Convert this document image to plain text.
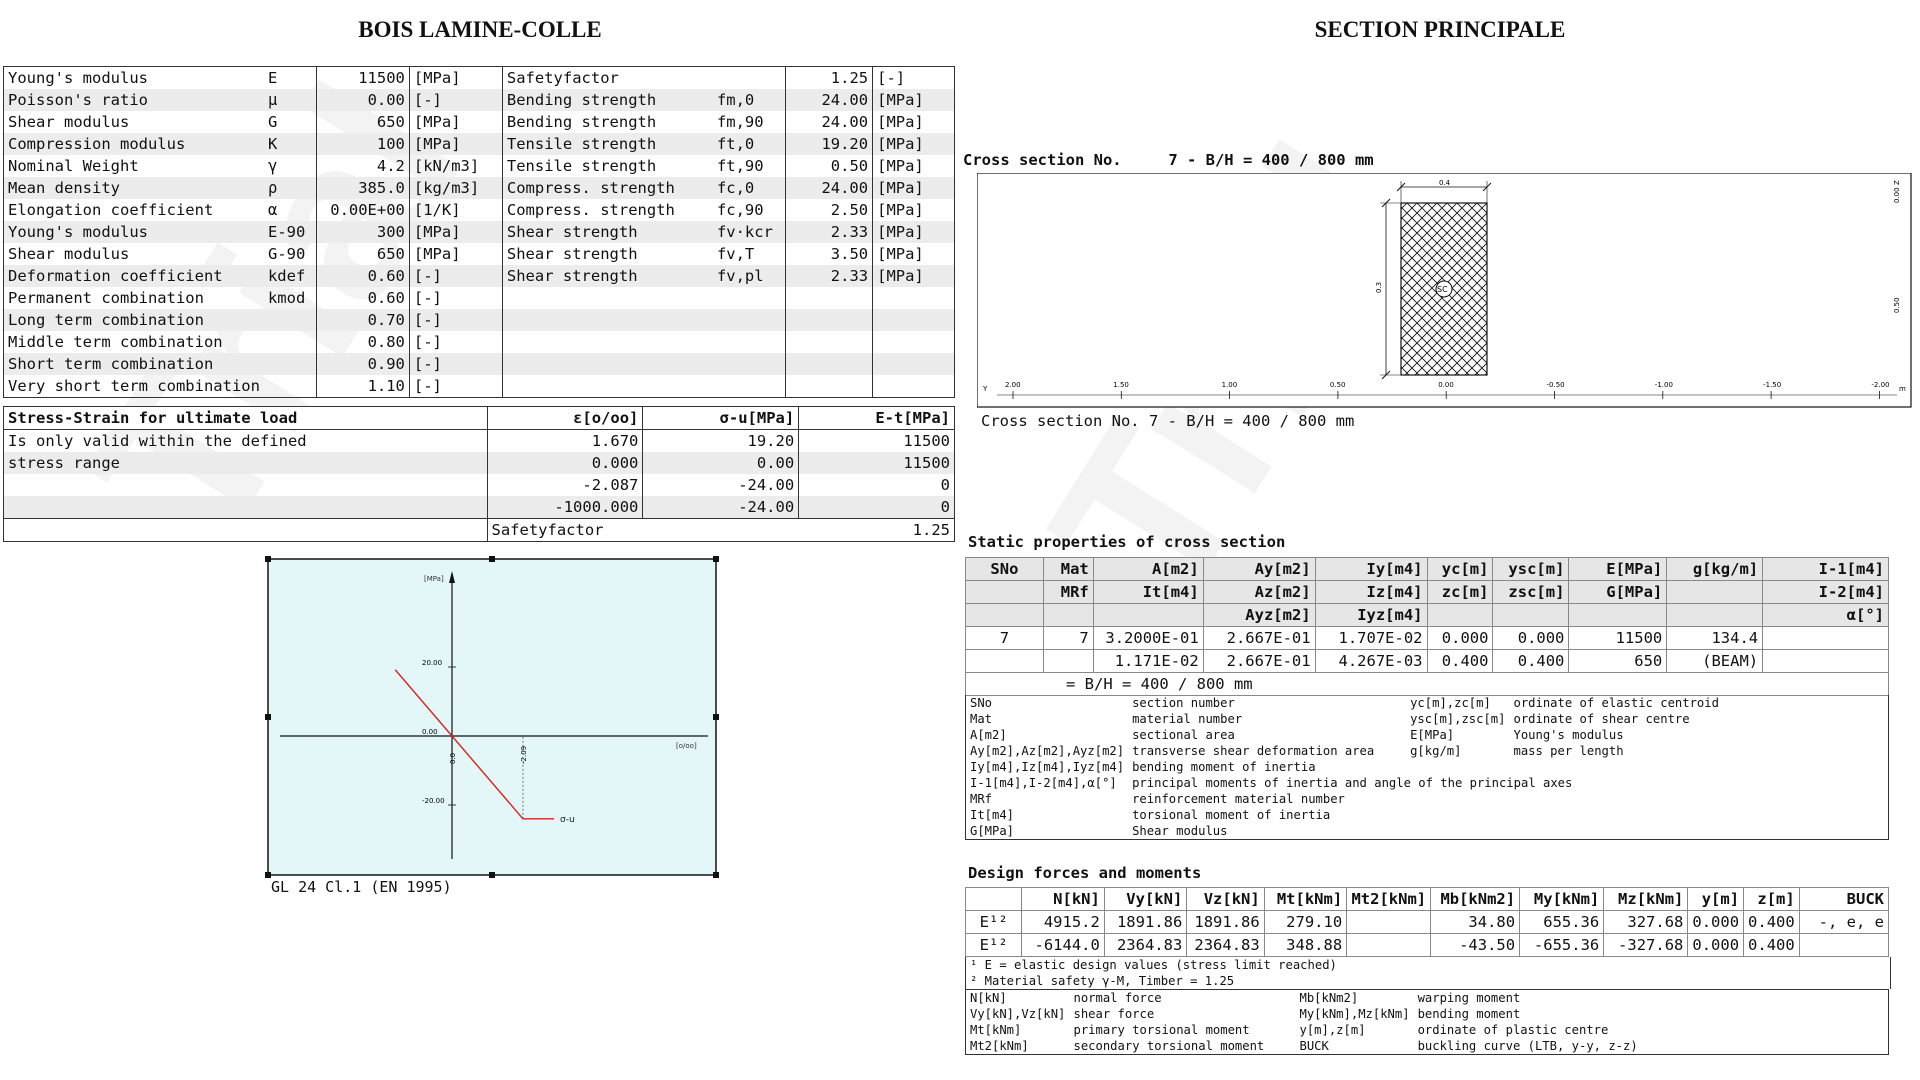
BOIS LAMINE-COLLE	SECTION PRINCIPALE
Young's modulus	E	11500	[MPa]	Safetyfactor		1.25	[-]
Poisson's ratio	μ	0.00	[-]	Bending strength	fm,0	24.00	[MPa]
Shear modulus	G	650	[MPa]	Bending strength	fm,90	24.00	[MPa]
Compression modulus	K	100	[MPa]	Tensile strength	ft,0	19.20	[MPa]
Nominal Weight	γ	4.2	[kN/m3]	Tensile strength	ft,90	0.50	[MPa]
Mean density	ρ	385.0	[kg/m3]	Compress. strength	fc,0	24.00	[MPa]
Elongation coefficient	α	0.00E+00	[1/K]	Compress. strength	fc,90	2.50	[MPa]
Young's modulus	E-90	300	[MPa]	Shear strength	fv·kcr	2.33	[MPa]
Shear modulus	G-90	650	[MPa]	Shear strength	fv,T	3.50	[MPa]
Deformation coefficient	kdef	0.60	[-]	Shear strength	fv,pl	2.33	[MPa]
Permanent combination	kmod	0.60	[-]				
Long term combination		0.70	[-]				
Middle term combination		0.80	[-]				
Short term combination		0.90	[-]				
Very short term combination		1.10	[-]				
Stress-Strain for ultimate load	ε[o/oo]	σ-u[MPa]	E-t[MPa]
Is only valid within the defined	1.670	19.20	11500
stress range	0.000	0.00	11500
	-2.087	-24.00	0
	-1000.000	-24.00	0
	Safetyfactor		1.25
[MPa]
[o/oo]
-20.00
0.00
20.00
0.0	-2.09
σ-u
GL 24 Cl.1 (EN 1995)
Cross section No.	7 - B/H = 400 / 800 mm
0.4
0.3	SC
Y	m
2.00	1.50	1.00	0.50	0.00	-0.50	-1.00	-1.50	-2.00
0.00
0.50
Z
Cross section No. 7 - B/H = 400 / 800 mm
Static properties of cross section
SNo	Mat	A[m2]	Ay[m2]	Iy[m4]	yc[m]	ysc[m]	E[MPa]	g[kg/m]	I-1[m4]
	MRf	It[m4]	Az[m2]	Iz[m4]	zc[m]	zsc[m]	G[MPa]		I-2[m4]
			Ayz[m2]	Iyz[m4]					α[°]
7	7	3.2000E-01	2.667E-01	1.707E-02	0.000	0.000	11500	134.4	
		1.171E-02	2.667E-01	4.267E-03	0.400	0.400	650	(BEAM)	
= B/H = 400 / 800 mm									
SNo	section number	yc[m],zc[m]	ordinate of elastic centroid
Mat	material number	ysc[m],zsc[m]	ordinate of shear centre
A[m2]	sectional area	E[MPa]	Young's modulus
Ay[m2],Az[m2],Ayz[m2]	transverse shear deformation area	g[kg/m]	mass per length
Iy[m4],Iz[m4],Iyz[m4]	bending moment of inertia		
I-1[m4],I-2[m4],α[°]	principal moments of inertia and angle of the principal axes		
MRf	reinforcement material number		
It[m4]	torsional moment of inertia		
G[MPa]	Shear modulus		
Design forces and moments
	N[kN]	Vy[kN]	Vz[kN]	Mt[kNm]	Mt2[kNm]	Mb[kNm2]	My[kNm]	Mz[kNm]	y[m]	z[m]	BUCK
E¹²	4915.2	1891.86	1891.86	279.10		34.80	655.36	327.68	0.000	0.400	-, e, e
E¹²	-6144.0	2364.83	2364.83	348.88		-43.50	-655.36	-327.68	0.000	0.400	
¹ E = elastic design values (stress limit reached)
² Material safety γ-M, Timber = 1.25
N[kN]	normal force	Mb[kNm2]	warping moment
Vy[kN],Vz[kN]	shear force	My[kNm],Mz[kNm]	bending moment
Mt[kNm]	primary torsional moment	y[m],z[m]	ordinate of plastic centre
Mt2[kNm]	secondary torsional moment	BUCK	buckling curve (LTB, y-y, z-z)
